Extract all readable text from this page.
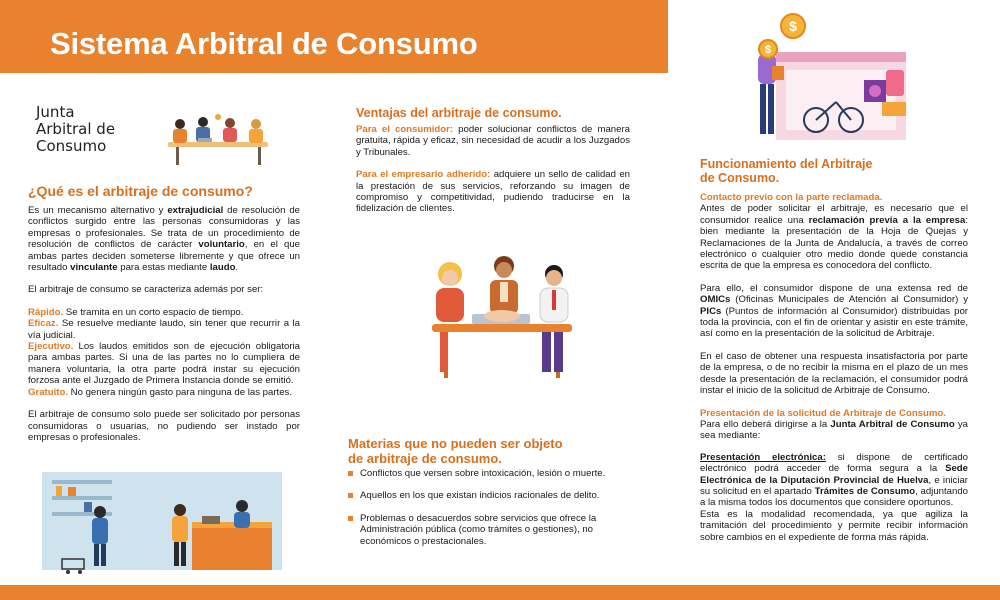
Sistema Arbitral de Consumo
Junta
Arbitral de
Consumo
¿Qué es el arbitraje de consumo?

Es un mecanismo alternativo y extrajudicial de resolución de conflictos surgido entre las personas consumidoras y las empresas o profesionales. Se trata de un procedimiento de resolución de conflictos de carácter voluntario, en el que ambas partes deciden someterse libremente y que ofrece un resultado vinculante para estas mediante laudo.

El arbitraje de consumo se caracteriza además por ser:

Rápido. Se tramita en un corto espacio de tiempo.
Eficaz. Se resuelve mediante laudo, sin tener que recurrir a la vía judicial.
Ejecutivo. Los laudos emitidos son de ejecución obligatoria para ambas partes. Si una de las partes no lo cumpliera de manera voluntaria, la otra parte podrá instar su ejecución forzosa ante el Juzgado de Primera Instancia donde se emitió.
Gratuito. No genera ningún gasto para ninguna de las partes.

El arbitraje de consumo solo puede ser solicitado por personas consumidoras o usuarias, no pudiendo ser instado por empresas o profesionales.

Ventajas del arbitraje de consumo.

Para el consumidor: poder solucionar conflictos de manera gratuita, rápida y eficaz, sin necesidad de acudir a los Juzgados y Tribunales.

Para el empresario adherido: adquiere un sello de calidad en la prestación de sus servicios, reforzando su imagen de compromiso y competitividad, pudiendo traducirse en la fidelización de clientes.

Materias que no pueden ser objeto
de arbitraje de consumo.
Conflictos que versen sobre intoxicación, lesión o muerte.
Aquellos en los que existan indicios racionales de delito.
Problemas o desacuerdos sobre servicios que ofrece la Administración pública (como trámites o gestiones), no económicos o prestacionales.
$
$
Funcionamiento del Arbitraje
de Consumo.
Contacto previo con la parte reclamada.

Antes de poder solicitar el arbitraje, es necesario que el consumidor realice una reclamación previa a la empresa: bien mediante la presentación de la Hoja de Quejas y Reclamaciones de la Junta de Andalucía, a través de correo electrónico o cualquier otro medio donde quede constancia escrita de que la empresa es conocedora del conflicto.

Para ello, el consumidor dispone de una extensa red de OMICs (Oficinas Municipales de Atención al Consumidor) y PICs (Puntos de información al Consumidor) distribuidas por toda la provincia, con el fin de orientar y asistir en este trámite, así como en la presentación de la solicitud de Arbitraje.

En el caso de obtener una respuesta insatisfactoria por parte de la empresa, o de no recibir la misma en el plazo de un mes desde la presentación de la reclamación, el consumidor podrá instar el inicio de la solicitud de Arbitraje de Consumo.

Presentación de la solicitud de Arbitraje de Consumo.

Para ello deberá dirigirse a la Junta Arbitral de Consumo ya sea mediante:

Presentación electrónica: si dispone de certificado electrónico podrá acceder de forma segura a la Sede Electrónica de la Diputación Provincial de Huelva, e iniciar su solicitud en el apartado Trámites de Consumo, adjuntando a la misma todos los documentos que considere oportunos.
Esta es la modalidad recomendada, ya que agiliza la tramitación del procedimiento y permite recibir información sobre cambios en el expediente de forma más rápida.
